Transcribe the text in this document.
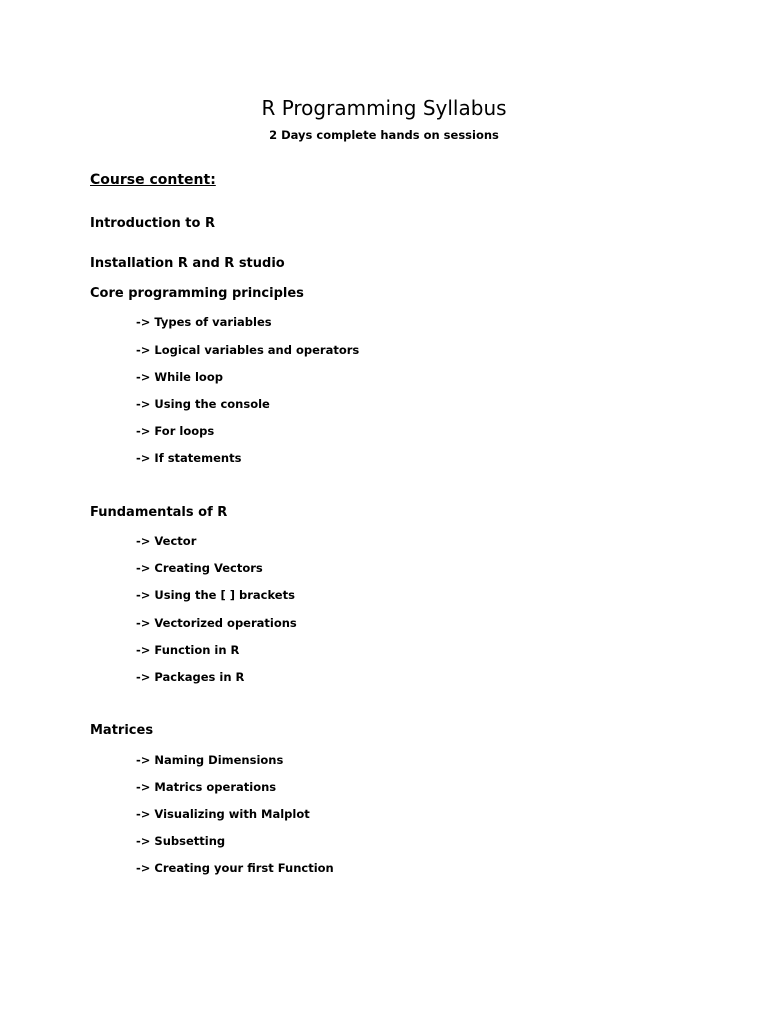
R Programming Syllabus

2 Days complete hands on sessions

Course content:

Introduction to R

Installation R and R studio

Core programming principles

-> Types of variables

-> Logical variables and operators

-> While loop

-> Using the console

-> For loops

-> If statements

Fundamentals of R

-> Vector

-> Creating Vectors

-> Using the [ ] brackets

-> Vectorized operations

-> Function in R

-> Packages in R

Matrices

-> Naming Dimensions

-> Matrics operations

-> Visualizing with Malplot

-> Subsetting

-> Creating your first Function
